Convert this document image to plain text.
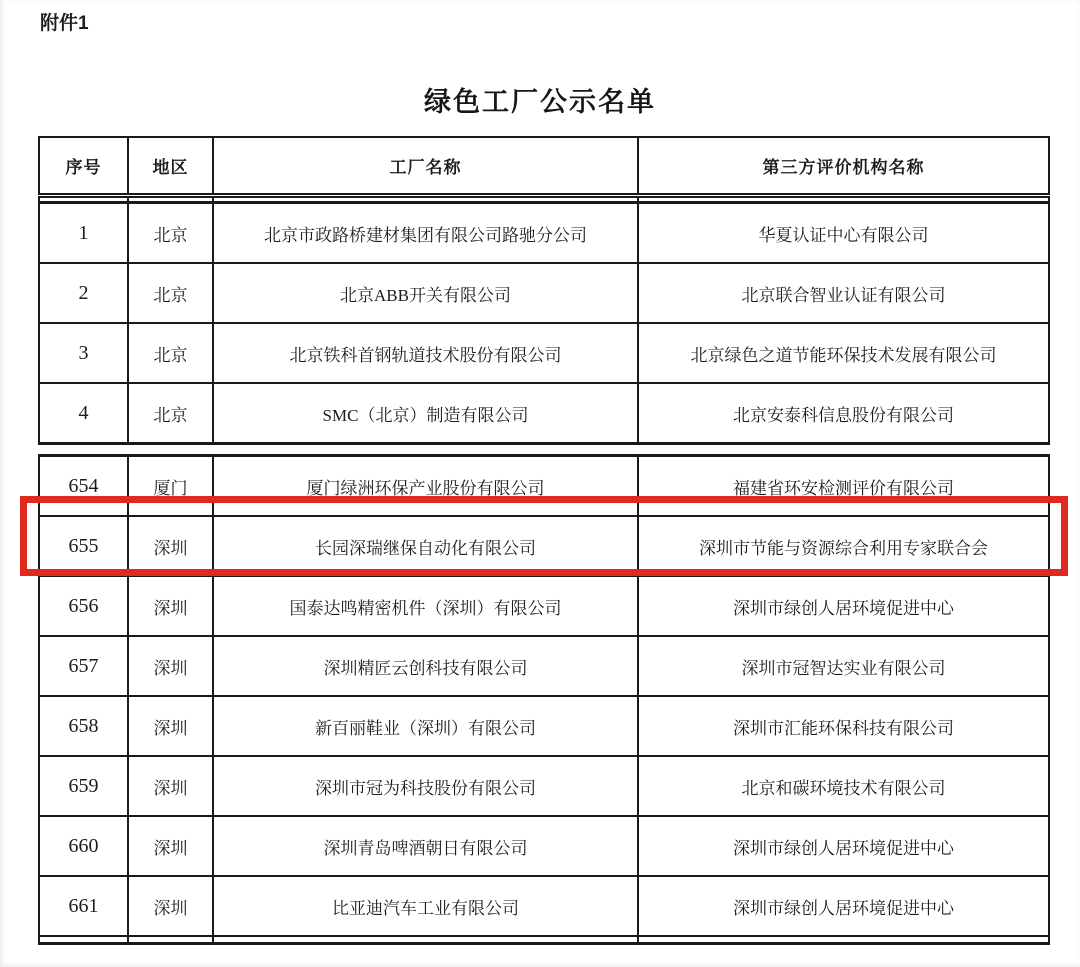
附件1
绿色工厂公示名单

序号	地区	工厂名称	第三方评价机构名称
1	北京	北京市政路桥建材集团有限公司路驰分公司	华夏认证中心有限公司
2	北京	北京ABB开关有限公司	北京联合智业认证有限公司
3	北京	北京铁科首钢轨道技术股份有限公司	北京绿色之道节能环保技术发展有限公司
4	北京	SMC（北京）制造有限公司	北京安泰科信息股份有限公司
654	厦门	厦门绿洲环保产业股份有限公司	福建省环安检测评价有限公司
655	深圳	长园深瑞继保自动化有限公司	深圳市节能与资源综合利用专家联合会
656	深圳	国泰达鸣精密机件（深圳）有限公司	深圳市绿创人居环境促进中心
657	深圳	深圳精匠云创科技有限公司	深圳市冠智达实业有限公司
658	深圳	新百丽鞋业（深圳）有限公司	深圳市汇能环保科技有限公司
659	深圳	深圳市冠为科技股份有限公司	北京和碳环境技术有限公司
660	深圳	深圳青岛啤酒朝日有限公司	深圳市绿创人居环境促进中心
661	深圳	比亚迪汽车工业有限公司	深圳市绿创人居环境促进中心
